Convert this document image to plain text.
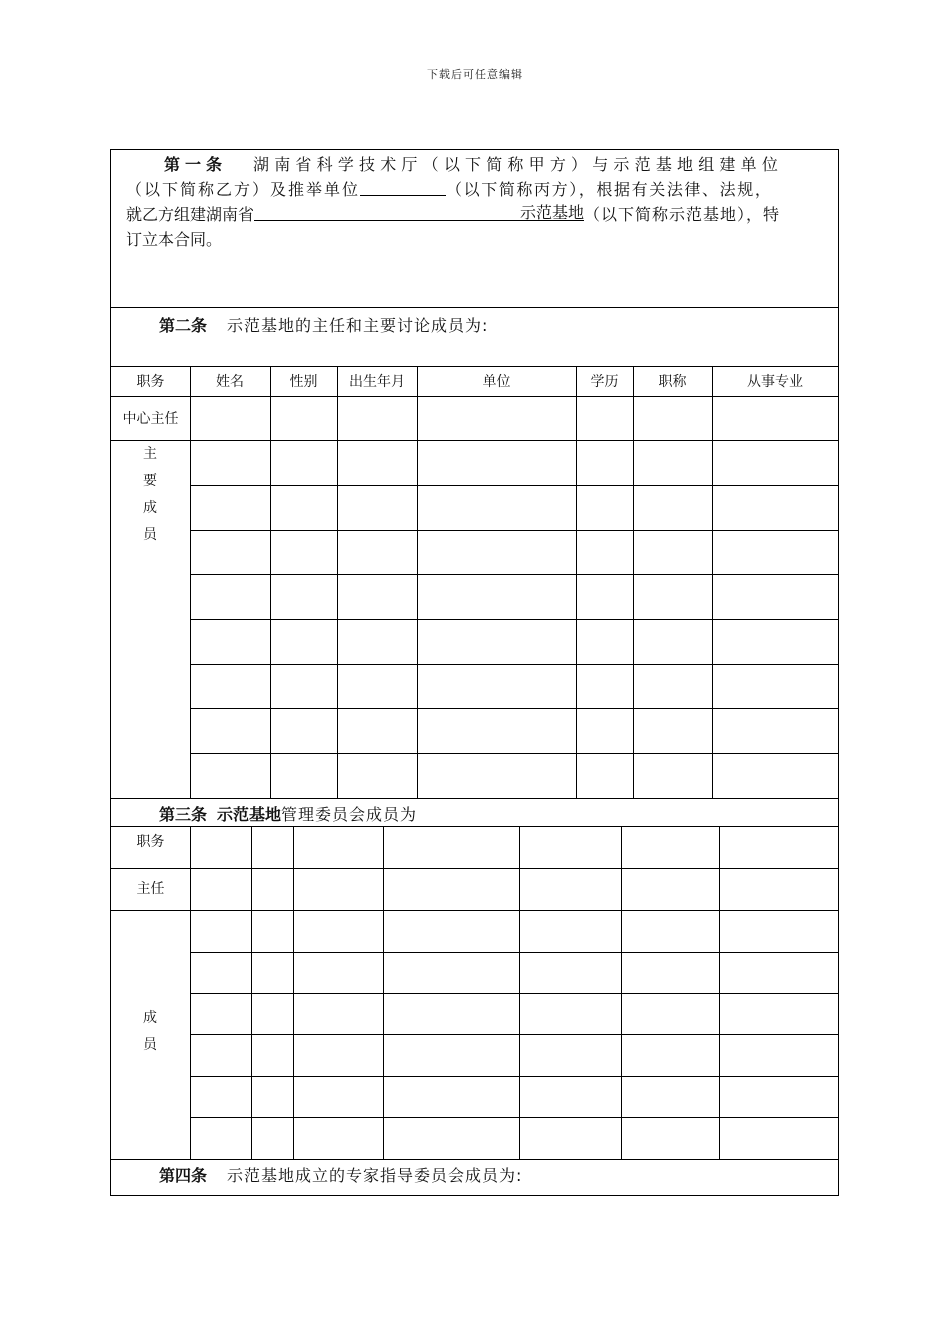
下载后可任意编辑
第一条 湖南省科学技术厅（以下简称甲方）与示范基地组建单位
（以下简称乙方）及推举单位	（以下简称丙方），根据有关法律、法规，
就乙方组建湖南省	示范基地 （以下简称示范基地），特
订立本合同。
第二条 示范基地的主任和主要讨论成员为:
职务	姓名	性别	出生年月	单位	学历	职称	从事专业
中心主任
主
要
成
员
第三条 示范基地管理委员会成员为
职务
主任
成
员
第四条 示范基地成立的专家指导委员会成员为:
